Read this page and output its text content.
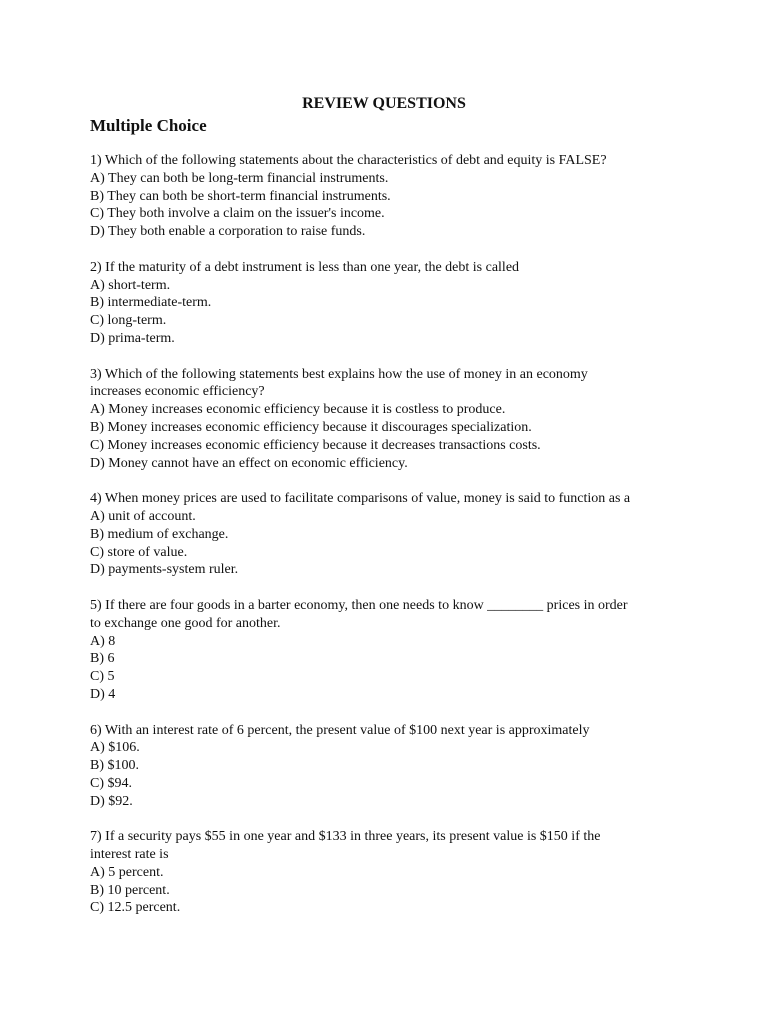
REVIEW QUESTIONS
Multiple Choice
1) Which of the following statements about the characteristics of debt and equity is FALSE?
A) They can both be long-term financial instruments.
B) They can both be short-term financial instruments.
C) They both involve a claim on the issuer's income.
D) They both enable a corporation to raise funds.
2) If the maturity of a debt instrument is less than one year, the debt is called
A) short-term.
B) intermediate-term.
C) long-term.
D) prima-term.
3) Which of the following statements best explains how the use of money in an economy
increases economic efficiency?
A) Money increases economic efficiency because it is costless to produce.
B) Money increases economic efficiency because it discourages specialization.
C) Money increases economic efficiency because it decreases transactions costs.
D) Money cannot have an effect on economic efficiency.
4) When money prices are used to facilitate comparisons of value, money is said to function as a
A) unit of account.
B) medium of exchange.
C) store of value.
D) payments-system ruler.
5) If there are four goods in a barter economy, then one needs to know ________ prices in order
to exchange one good for another.
A) 8
B) 6
C) 5
D) 4
6) With an interest rate of 6 percent, the present value of $100 next year is approximately
A) $106.
B) $100.
C) $94.
D) $92.
7) If a security pays $55 in one year and $133 in three years, its present value is $150 if the
interest rate is
A) 5 percent.
B) 10 percent.
C) 12.5 percent.
